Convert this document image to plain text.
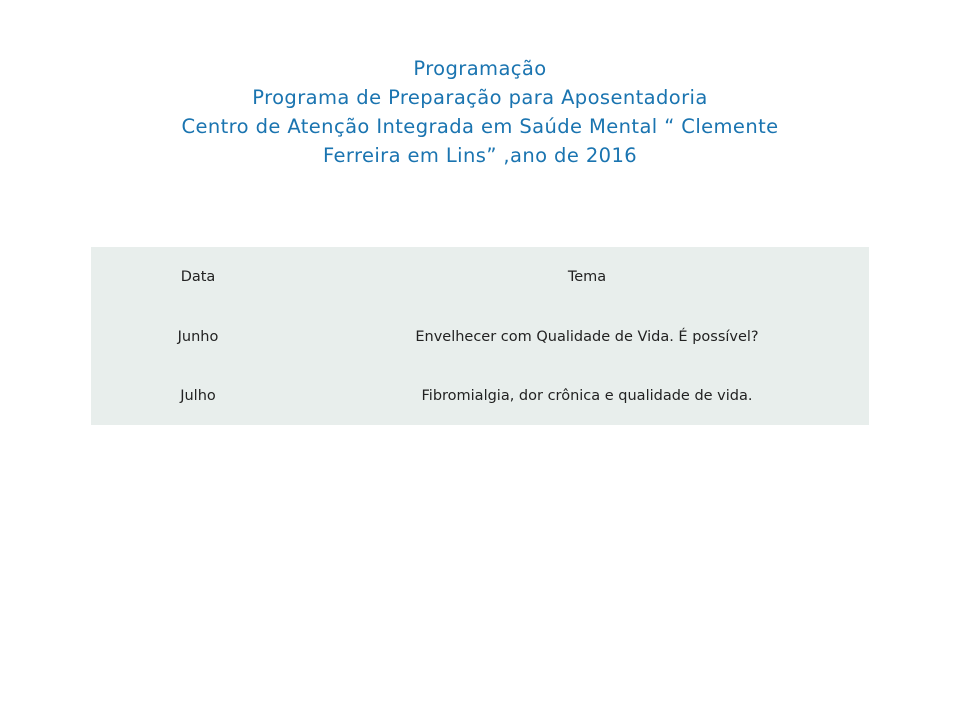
Programação
Programa de Preparação para Aposentadoria
Centro de Atenção Integrada em Saúde Mental “ Clemente
Ferreira em Lins” ,ano de 2016
Data	Tema
Junho	Envelhecer com Qualidade de Vida. É possível?
Julho	Fibromialgia, dor crônica e qualidade de vida.
